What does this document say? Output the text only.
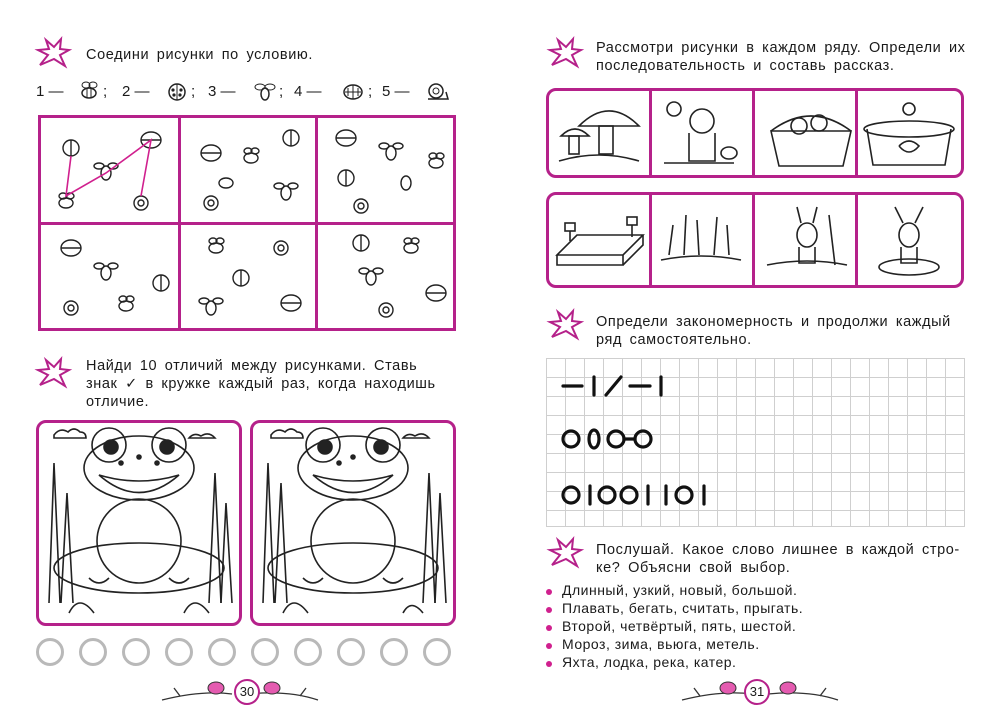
Соедини рисунки по условию.
1 —	; 2 —	; 3 —	; 4 —	; 5 —
Найди 10 отличий между рисунками. Ставь знак ✓ в кружке каждый раз, когда находишь отличие.
30
Рассмотри рисунки в каждом ряду. Определи их последовательность и составь рассказ.
Определи закономерность и продолжи каждый ряд самостоятельно.
Послушай. Какое слово лишнее в каждой стро-ке? Объясни свой выбор.
Длинный, узкий, новый, большой.
Плавать, бегать, считать, прыгать.
Второй, четвёртый, пять, шестой.
Мороз, зима, вьюга, метель.
Яхта, лодка, река, катер.
31
